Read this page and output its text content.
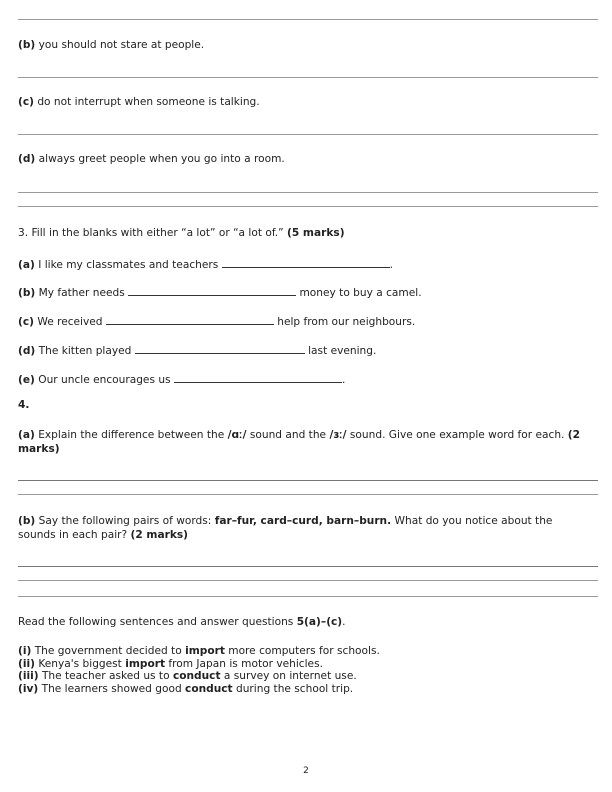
(b) you should not stare at people.
(c) do not interrupt when someone is talking.
(d) always greet people when you go into a room.
3. Fill in the blanks with either “a lot” or “a lot of.” (5 marks)
(a) I like my classmates and teachers	.
(b) My father needs	money to buy a camel.
(c) We received	help from our neighbours.
(d) The kitten played	last evening.
(e) Our uncle encourages us	.
4.
(a) Explain the difference between the /ɑː/ sound and the /ɜː/ sound. Give one example word for each. (2 marks)
(b) Say the following pairs of words: far–fur, card–curd, barn–burn. What do you notice about the sounds in each pair? (2 marks)
Read the following sentences and answer questions 5(a)–(c).
(i) The government decided to import more computers for schools.
(ii) Kenya's biggest import from Japan is motor vehicles.
(iii) The teacher asked us to conduct a survey on internet use.
(iv) The learners showed good conduct during the school trip.
2
